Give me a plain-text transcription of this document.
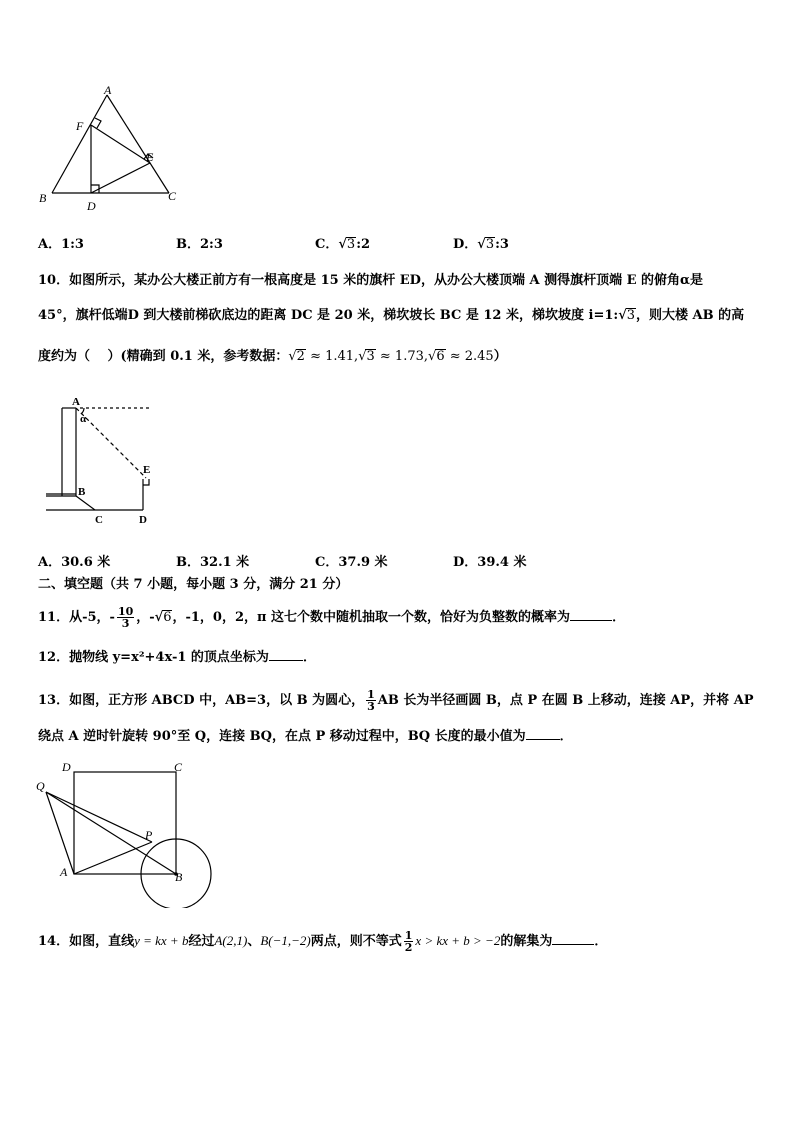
A
F
E
B
D
C
A．1:3	B．2:3	C．√3:2	D．√3:3
10．如图所示，某办公大楼正前方有一根高度是 15 米的旗杆 ED，从办公大楼顶端 A 测得旗杆顶端 E 的俯角α是
45°，旗杆低端D 到大楼前梯砍底边的距离 DC 是 20 米，梯坎坡长 BC 是 12 米，梯坎坡度 i=1:√3，则大楼 AB 的高
度约为（　 ）(精确到 0.1 米，参考数据：√2 ≈ 1.41,√3 ≈ 1.73,√6 ≈ 2.45）
A
α
E
B
C	D
A．30.6 米	B．32.1 米	C．37.9 米	D．39.4 米
二、填空题（共 7 小题，每小题 3 分，满分 21 分）
11．从-5，- $\frac{10}{3}$ ，-√6，-1，0，2，π 这七个数中随机抽取一个数，恰好为负整数的概率为	．
12．抛物线 y=x²+4x-1 的顶点坐标为	．
13．如图，正方形 ABCD 中，AB=3，以 B 为圆心， $\frac{1}{3}$ AB 长为半径画圆 B，点 P 在圆 B 上移动，连接 AP，并将 AP
绕点 A 逆时针旋转 90°至 Q，连接 BQ，在点 P 移动过程中，BQ 长度的最小值为	．
D	C
Q
P
A	B
14．如图，直线y = kx + b经过A(2,1)、B(−1,−2)两点，则不等式 $\frac{1}{2}$ x > kx + b > −2的解集为	．
